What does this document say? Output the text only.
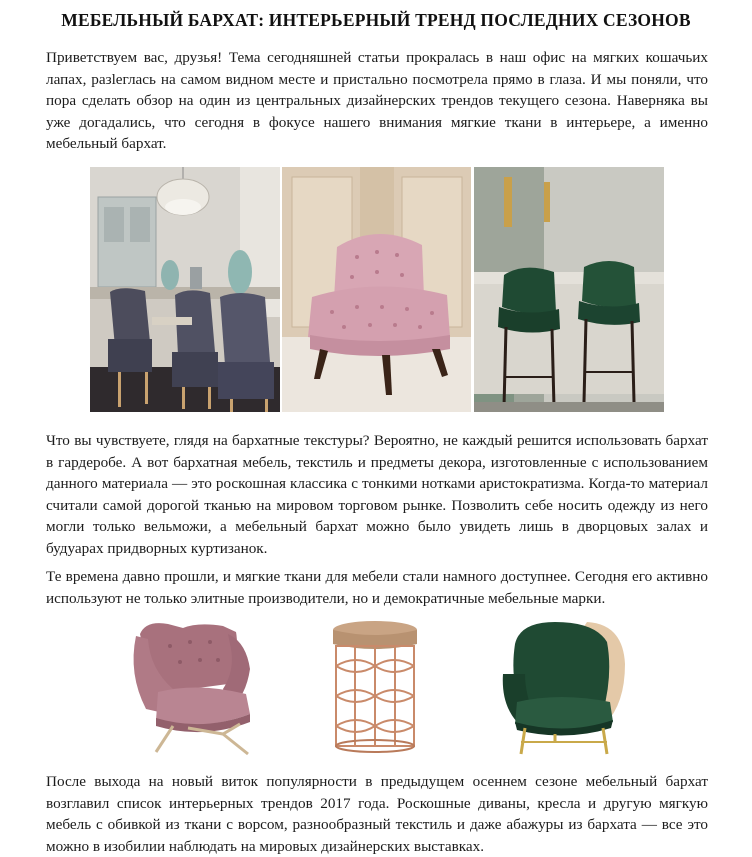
МЕБЕЛЬНЫЙ БАРХАТ: ИНТЕРЬЕРНЫЙ ТРЕНД ПОСЛЕДНИХ СЕЗОНОВ

Приветствуем вас, друзья! Тема сегодняшней статьи прокралась в наш офис на мягких кошачьих лапах, разleглась на самом видном месте и пристально посмотрела прямо в глаза. И мы поняли, что пора сделать обзор на один из центральных дизайнерских трендов текущего сезона. Наверняка вы уже догадались, что сегодня в фокусе нашего внимания мягкие ткани в интерьере, а именно мебельный бархат.

Что вы чувствуете, глядя на бархатные текстуры? Вероятно, не каждый решится использовать бархат в гардеробе. А вот бархатная мебель, текстиль и предметы декора, изготовленные с использованием данного материала — это роскошная классика с тонкими нотками аристократизма. Когда-то материал считали самой дорогой тканью на мировом торговом рынке. Позволить себе носить одежду из него могли только вельможи, а мебельный бархат можно было увидеть лишь в дворцовых залах и будуарах придворных куртизанок.

Те времена давно прошли, и мягкие ткани для мебели стали намного доступнее. Сегодня его активно используют не только элитные производители, но и демократичные мебельные марки.

После выхода на новый виток популярности в предыдущем осеннем сезоне мебельный бархат возглавил список интерьерных трендов 2017 года. Роскошные диваны, кресла и другую мягкую мебель с обивкой из ткани с ворсом, разнообразный текстиль и даже абажуры из бархата — все это можно в изобилии наблюдать на мировых дизайнерских выставках.
